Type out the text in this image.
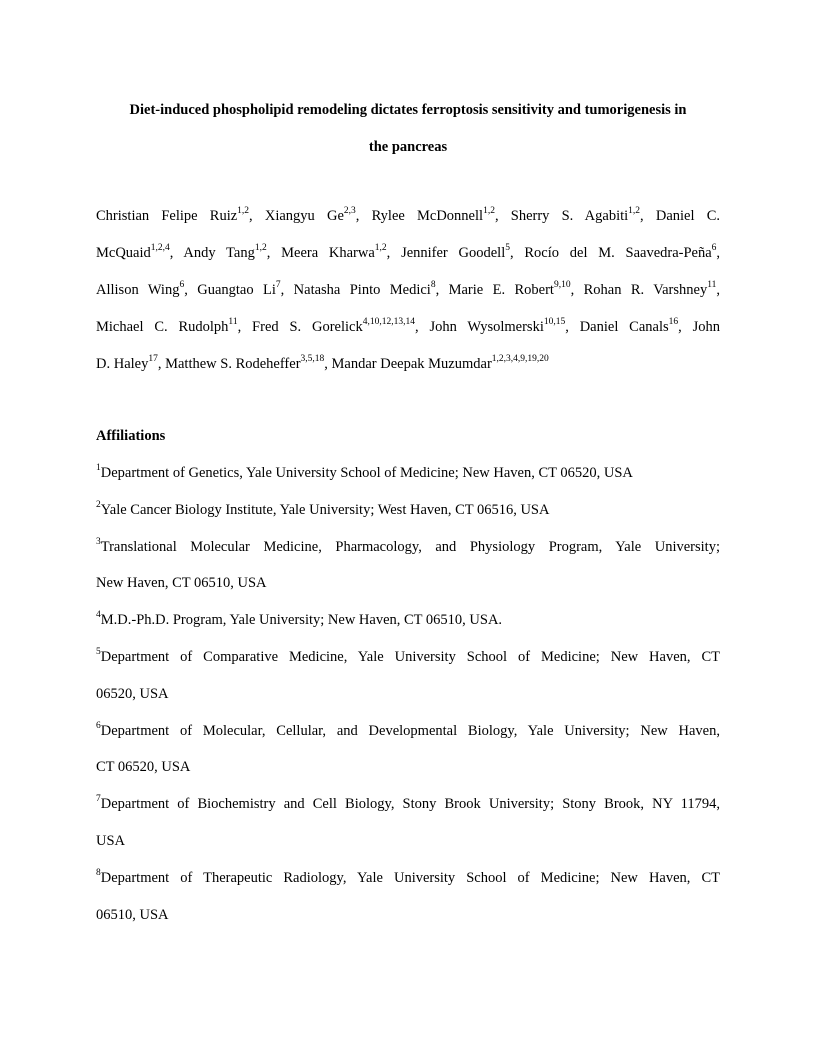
Diet-induced phospholipid remodeling dictates ferroptosis sensitivity and tumorigenesis in
the pancreas
Christian Felipe Ruiz$^{1,2}$, Xiangyu Ge$^{2,3}$, Rylee McDonnell$^{1,2}$, Sherry S. Agabiti$^{1,2}$, Daniel C.
McQuaid$^{1,2,4}$, Andy Tang$^{1,2}$, Meera Kharwa$^{1,2}$, Jennifer Goodell$^5$, Rocío del M. Saavedra-Peña$^6$,
Allison Wing$^6$, Guangtao Li$^7$, Natasha Pinto Medici$^8$, Marie E. Robert$^{9,10}$, Rohan R. Varshney$^{11}$,
Michael C. Rudolph$^{11}$, Fred S. Gorelick$^{4,10,12,13,14}$, John Wysolmerski$^{10,15}$, Daniel Canals$^{16}$, John
D. Haley$^{17}$, Matthew S. Rodeheffer$^{3,5,18}$, Mandar Deepak Muzumdar$^{1,2,3,4,9,19,20}$
Affiliations
$^1$Department of Genetics, Yale University School of Medicine; New Haven, CT 06520, USA
$^2$Yale Cancer Biology Institute, Yale University; West Haven, CT 06516, USA
$^3$Translational Molecular Medicine, Pharmacology, and Physiology Program, Yale University;
New Haven, CT 06510, USA
$^4$M.D.-Ph.D. Program, Yale University; New Haven, CT 06510, USA.
$^5$Department of Comparative Medicine, Yale University School of Medicine; New Haven, CT
06520, USA
$^6$Department of Molecular, Cellular, and Developmental Biology, Yale University; New Haven,
CT 06520, USA
$^7$Department of Biochemistry and Cell Biology, Stony Brook University; Stony Brook, NY 11794,
USA
$^8$Department of Therapeutic Radiology, Yale University School of Medicine; New Haven, CT
06510, USA
